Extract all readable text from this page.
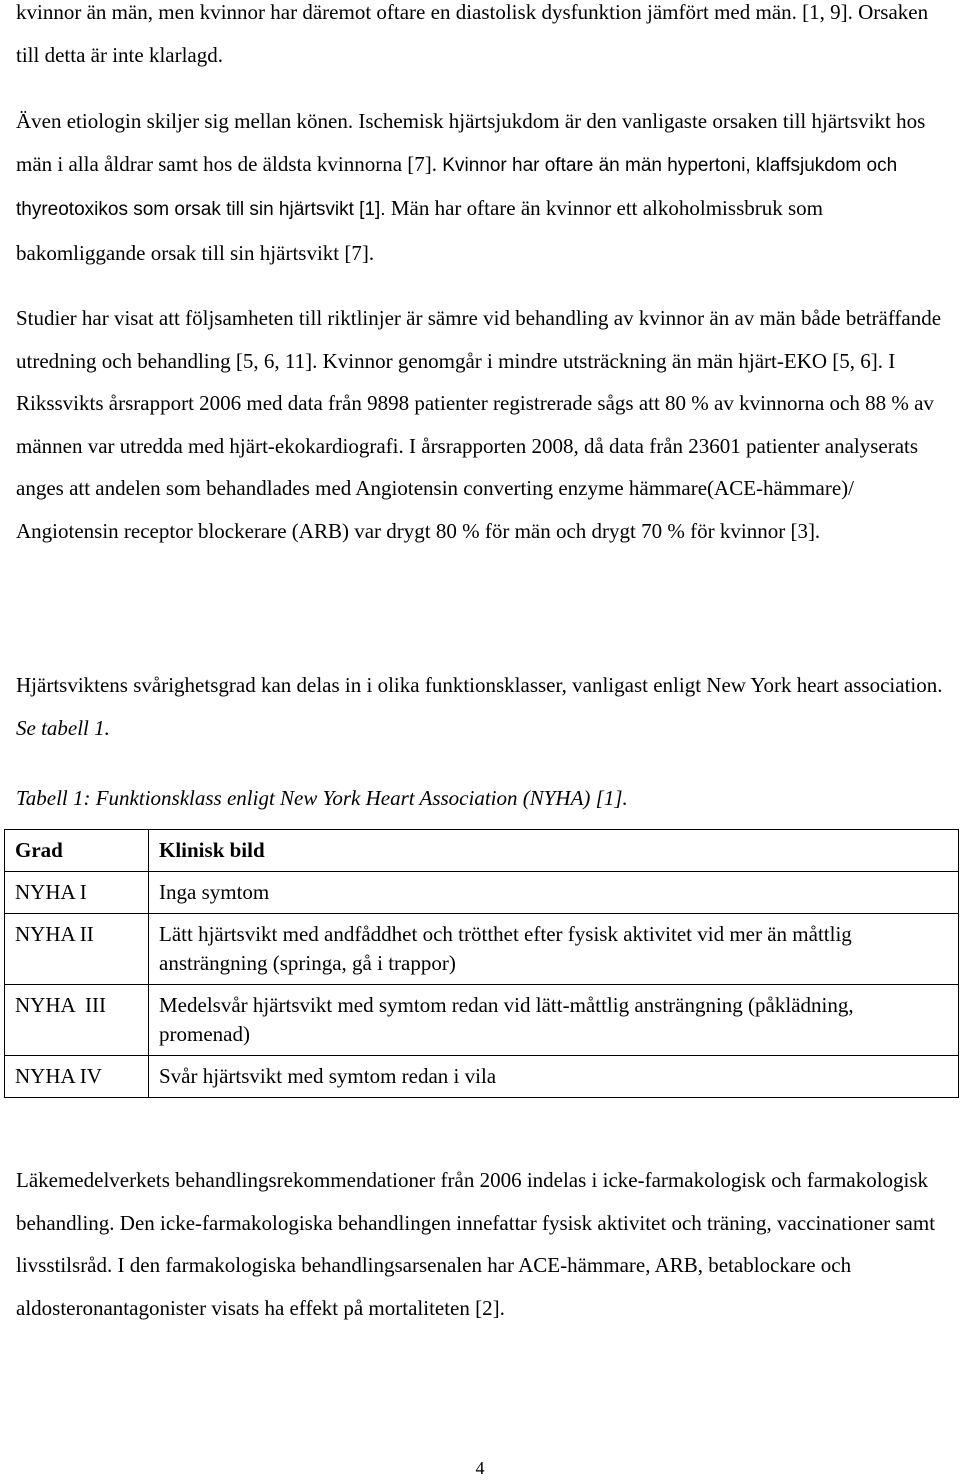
kvinnor än män, men kvinnor har däremot oftare en diastolisk dysfunktion jämfört med män. [1, 9]. Orsaken till detta är inte klarlagd.

Även etiologin skiljer sig mellan könen. Ischemisk hjärtsjukdom är den vanligaste orsaken till hjärtsvikt hos män i alla åldrar samt hos de äldsta kvinnorna [7]. Kvinnor har oftare än män hypertoni, klaffsjukdom och thyreotoxikos som orsak till sin hjärtsvikt [1]. Män har oftare än kvinnor ett alkoholmissbruk som bakomliggande orsak till sin hjärtsvikt [7].

Studier har visat att följsamheten till riktlinjer är sämre vid behandling av kvinnor än av män både beträffande utredning och behandling [5, 6, 11]. Kvinnor genomgår i mindre utsträckning än män hjärt-EKO [5, 6]. I Rikssvikts årsrapport 2006 med data från 9898 patienter registrerade sågs att 80 % av kvinnorna och 88 % av männen var utredda med hjärt-ekokardiografi. I årsrapporten 2008, då data från 23601 patienter analyserats anges att andelen som behandlades med Angiotensin converting enzyme hämmare(ACE-hämmare)/ Angiotensin receptor blockerare (ARB) var drygt 80 % för män och drygt 70 % för kvinnor [3].

Hjärtsviktens svårighetsgrad kan delas in i olika funktionsklasser, vanligast enligt New York heart association. Se tabell 1.

Tabell 1: Funktionsklass enligt New York Heart Association (NYHA) [1].
Grad	Klinisk bild
NYHA I	Inga symtom
NYHA II	Lätt hjärtsvikt med andfåddhet och trötthet efter fysisk aktivitet vid mer än måttlig ansträngning (springa, gå i trappor)
NYHA  III	Medelsvår hjärtsvikt med symtom redan vid lätt-måttlig ansträngning (påklädning, promenad)
NYHA IV	Svår hjärtsvikt med symtom redan i vila

Läkemedelverkets behandlingsrekommendationer från 2006 indelas i icke-farmakologisk och farmakologisk behandling. Den icke-farmakologiska behandlingen innefattar fysisk aktivitet och träning, vaccinationer samt livsstilsråd. I den farmakologiska behandlingsarsenalen har ACE-hämmare, ARB, betablockare och aldosteronantagonister visats ha effekt på mortaliteten [2].

4
